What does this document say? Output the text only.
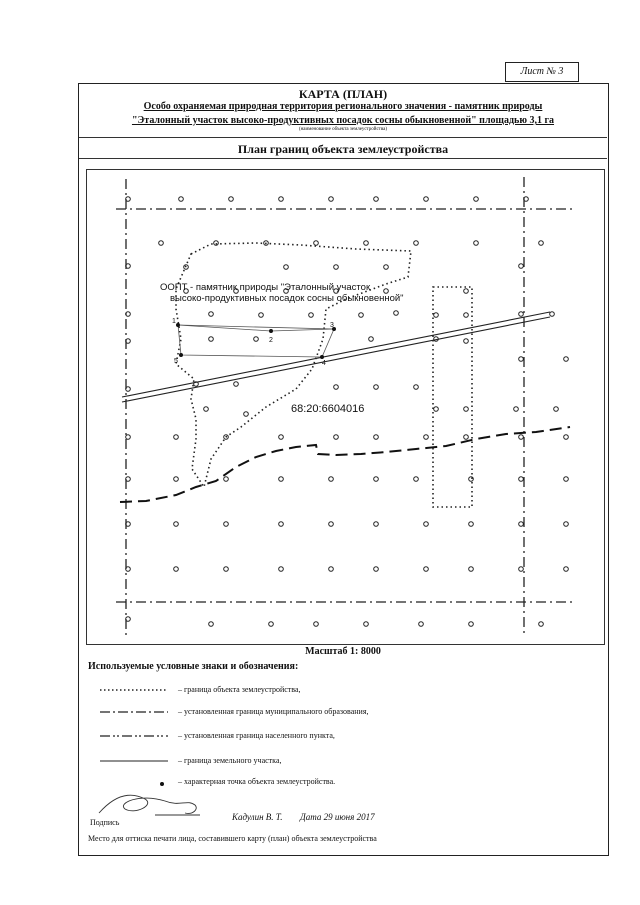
Лист № 3
КАРТА (ПЛАН)
Особо охраняемая природная территория регионального значения - памятник природы
"Эталонный участок высоко-продуктивных посадок сосны обыкновенной" площадью 3,1 га
(наименование объекта землеустройства)
План границ объекта землеустройства
1
2
3
4
5
ООПТ - памятник природы "Эталонный участок
высоко-продуктивных посадок сосны обыкновенной"
68:20:6604016
Масштаб 1: 8000
Используемые условные знаки и обозначения:
– граница объекта землеустройства,
– установленная граница муниципального образования,
– установленная граница населенного пункта,
– граница земельного участка,
– характерная точка объекта землеустройства.
Подпись
Кадулин В. Т. Дата 29 июня 2017
Место для оттиска печати лица, составившего карту (план) объекта землеустройства
